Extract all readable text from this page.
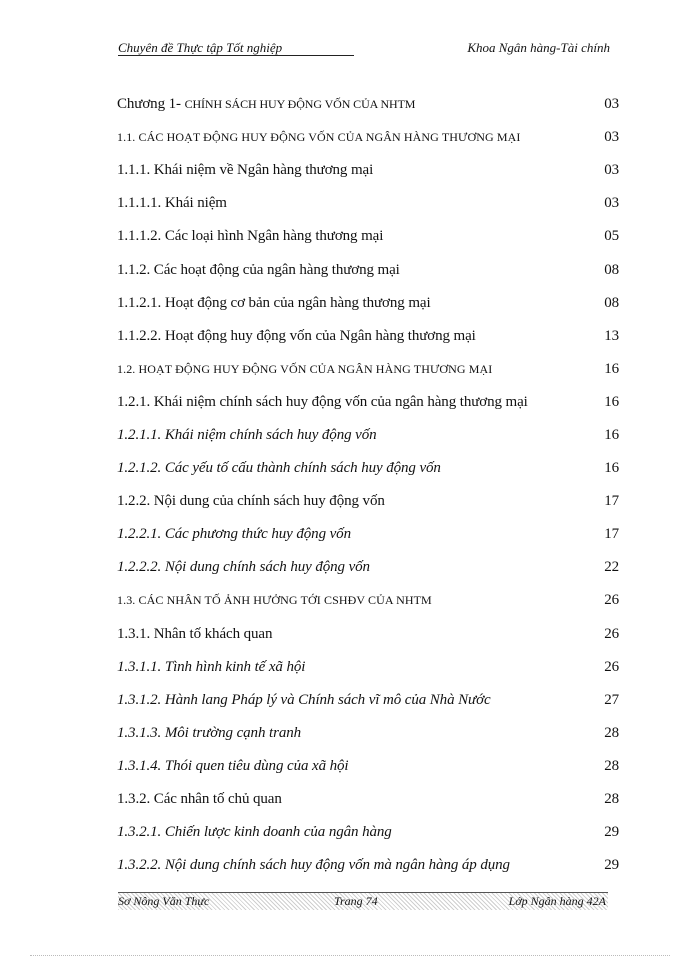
Chuyên đề Thực tập Tốt nghiệp	Khoa Ngân hàng-Tài chính
Chương 1- CHÍNH SÁCH HUY ĐỘNG VỐN CỦA NHTM	03
1.1. CÁC HOẠT ĐỘNG HUY ĐỘNG VỐN CỦA NGÂN HÀNG THƯƠNG MẠI	03
1.1.1. Khái niệm về Ngân hàng thương mại	03
1.1.1.1. Khái niệm	03
1.1.1.2. Các loại hình Ngân hàng thương mại	05
1.1.2. Các hoạt động của ngân hàng thương mại	08
1.1.2.1. Hoạt động cơ bản của ngân hàng thương mại	08
1.1.2.2. Hoạt động huy động vốn của Ngân hàng thương mại	13
1.2. HOẠT ĐỘNG HUY ĐỘNG VỐN CỦA NGÂN HÀNG THƯƠNG MẠI	16
1.2.1. Khái niệm chính sách huy động vốn của ngân hàng thương mại	16
1.2.1.1. Khái niệm chính sách huy động vốn	16
1.2.1.2. Các yếu tố cấu thành chính sách huy động vốn	16
1.2.2. Nội dung của chính sách huy động vốn	17
1.2.2.1. Các phương thức huy động vốn	17
1.2.2.2. Nội dung chính sách huy động vốn	22
1.3. CÁC NHÂN TỐ ẢNH HƯỞNG TỚI CSHĐV CỦA NHTM	26
1.3.1. Nhân tố khách quan	26
1.3.1.1. Tình hình kinh tế xã hội	26
1.3.1.2. Hành lang Pháp lý và Chính sách vĩ mô của Nhà Nước	27
1.3.1.3. Môi trường cạnh tranh	28
1.3.1.4. Thói quen tiêu dùng của xã hội	28
1.3.2. Các nhân tố chủ quan	28
1.3.2.1. Chiến lược kinh doanh của ngân hàng	29
1.3.2.2. Nội dung chính sách huy động vốn mà ngân hàng áp dụng	29
Sơ Nông Văn Thực	Trang 74	Lớp Ngân hàng 42A
